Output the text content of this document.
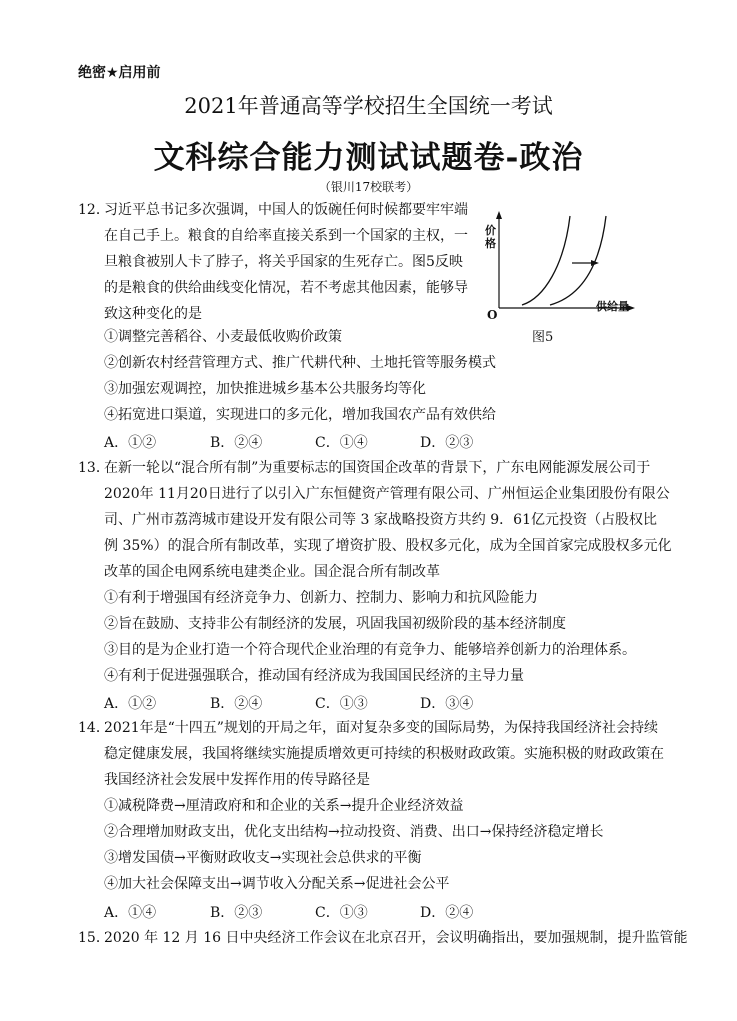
绝密★启用前
2021年普通高等学校招生全国统一考试
文科综合能力测试试题卷-政治
（银川17校联考）
12．
习近平总书记多次强调，中国人的饭碗任何时候都要牢牢端
在自己手上。粮食的自给率直接关系到一个国家的主权，一
旦粮食被别人卡了脖子，将关乎国家的生死存亡。图5反映
的是粮食的供给曲线变化情况，若不考虑其他因素，能够导
致这种变化的是
①调整完善稻谷、小麦最低收购价政策
②创新农村经营管理方式、推广代耕代种、土地托管等服务模式
③加强宏观调控，加快推进城乡基本公共服务均等化
④拓宽进口渠道，实现进口的多元化，增加我国农产品有效供给
A．①②	B．②④	C．①④	D．②③
价格
供给量
O
图5
13．
在新一轮以“混合所有制”为重要标志的国资国企改革的背景下，广东电网能源发展公司于
2020年 11月20日进行了以引入广东恒健资产管理有限公司、广州恒运企业集团股份有限公
司、广州市荔湾城市建设开发有限公司等 3 家战略投资方共约 9．61亿元投资（占股权比
例 35%）的混合所有制改革，实现了增资扩股、股权多元化，成为全国首家完成股权多元化
改革的国企电网系统电建类企业。国企混合所有制改革
①有利于增强国有经济竞争力、创新力、控制力、影响力和抗风险能力
②旨在鼓励、支持非公有制经济的发展，巩固我国初级阶段的基本经济制度
③目的是为企业打造一个符合现代企业治理的有竞争力、能够培养创新力的治理体系。
④有利于促进强强联合，推动国有经济成为我国国民经济的主导力量
A．①②	B．②④	C．①③	D．③④
14．
2021年是“十四五”规划的开局之年，面对复杂多变的国际局势，为保持我国经济社会持续
稳定健康发展，我国将继续实施提质增效更可持续的积极财政政策。实施积极的财政政策在
我国经济社会发展中发挥作用的传导路径是
①减税降费→厘清政府和和企业的关系→提升企业经济效益
②合理增加财政支出，优化支出结构→拉动投资、消费、出口→保持经济稳定增长
③增发国债→平衡财政收支→实现社会总供求的平衡
④加大社会保障支出→调节收入分配关系→促进社会公平
A．①④	B．②③	C．①③	D．②④
15．
2020 年 12 月 16 日中央经济工作会议在北京召开，会议明确指出，要加强规制，提升监管能
